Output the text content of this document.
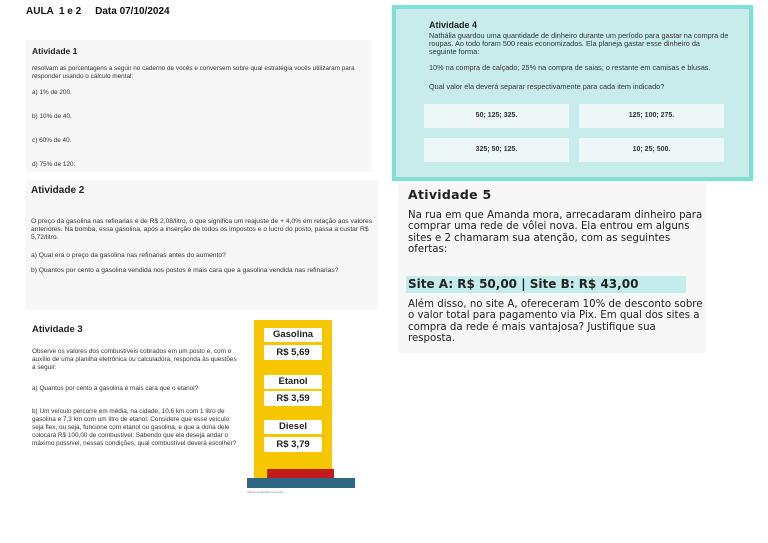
AULA  1 e 2 Data 07/10/2024
Atividade 1
resolvam as porcentagens a seguir no caderno de vocês e conversem sobre qual estratégia vocês utilizaram para responder usando o cálculo mental:
a) 1% de 200.
b) 10% de 40.
c) 60% de 40.
d) 75% de 120.
Atividade 2
O preço da gasolina nas refinarias é de R$ 2,08/litro, o que significa um reajuste de + 4,0% em relação aos valores anteriores. Na bomba, essa gasolina, após a inserção de todos os impostos e o lucro do posto, passa a custar R$ 5,72/litro.
a) Qual era o preço da gasolina nas refinarias antes do aumento?
b) Quantos por cento a gasolina vendida nos postos é mais cara que a gasolina vendida nas refinarias?
Atividade 3
Observe os valores dos combustíveis cobrados em um posto e, com o auxílio de uma planilha eletrônica ou calculadora, responda às questões a seguir:
a) Quantos por cento a gasolina é mais cara que o etanol?
b) Um veículo percorre em média, na cidade, 10,6 km com 1 litro de gasolina e 7,3 km com um litro de etanol. Considere que esse veículo seja flex, ou seja, funcione com etanol ou gasolina, e que a dona dele colocará R$ 100,00 de combustível. Sabendo que ela deseja andar o máximo possível, nessas condições, qual combustível deverá escolher?
Gasolina
R$ 5,69
Etanol
R$ 3,59
Diesel
R$ 3,79
Tabela produzida pelo autor
Atividade 4
Nathália guardou uma quantidade de dinheiro durante um período para gastar na compra de roupas. Ao todo foram 500 reais economizados. Ela planeja gastar esse dinheiro da seguinte forma:
10% na compra de calçado; 25% na compra de saias; o restante em camisas e blusas.
Qual valor ela deverá separar respectivamente para cada item indicado?
50; 125; 325.	125; 100; 275.
325; 50; 125.	10; 25; 500.
Atividade 5
Na rua em que Amanda mora, arrecadaram dinheiro para comprar uma rede de vôlei nova. Ela entrou em alguns sites e 2 chamaram sua atenção, com as seguintes ofertas:
Site A: R$ 50,00 | Site B: R$ 43,00
Além disso, no site A, ofereceram 10% de desconto sobre o valor total para pagamento via Pix. Em qual dos sites a compra da rede é mais vantajosa? Justifique sua resposta.
